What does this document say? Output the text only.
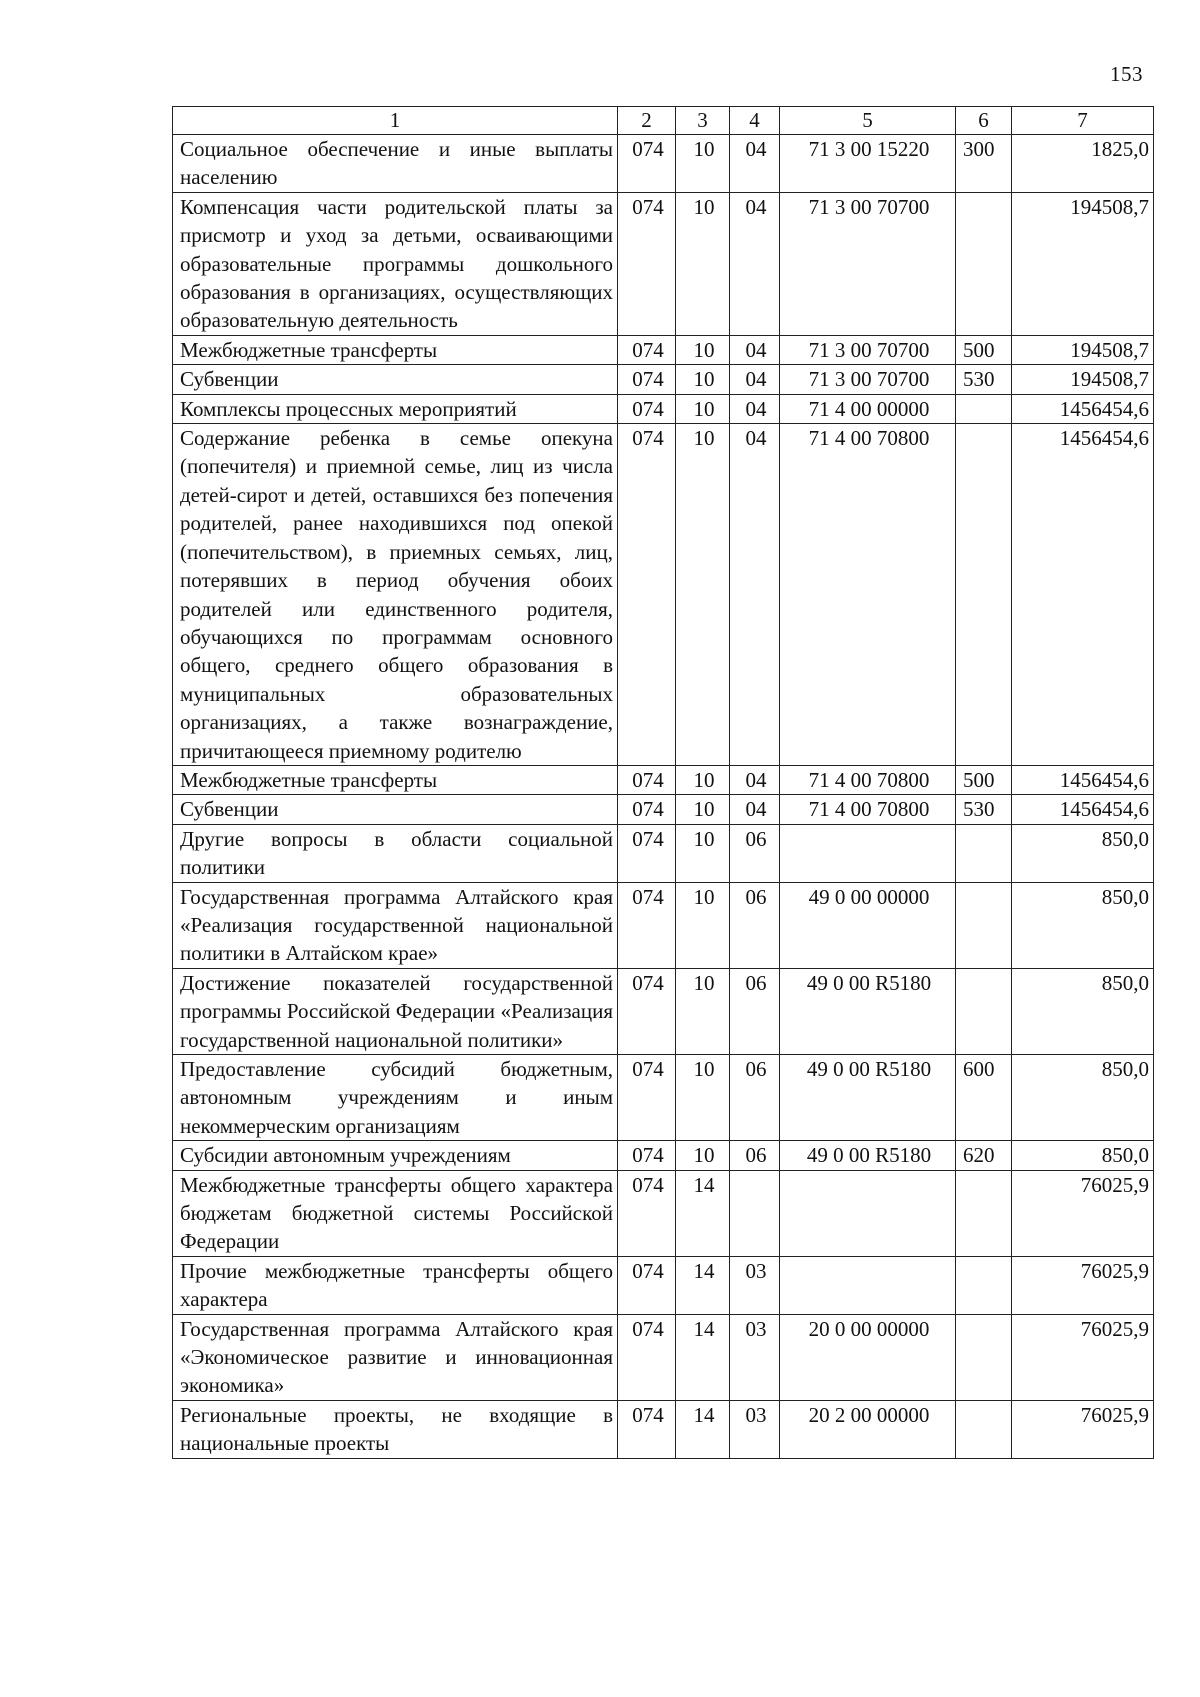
153
1	2	3	4	5	6	7
Социальное обеспечение и иные выплаты населению	074	10	04	71 3 00 15220	300	1825,0
Компенсация части родительской платы за присмотр и уход за детьми, осваивающими образовательные программы дошкольного образования в организациях, осуществляющих образовательную деятельность	074	10	04	71 3 00 70700		194508,7
Межбюджетные трансферты	074	10	04	71 3 00 70700	500	194508,7
Субвенции	074	10	04	71 3 00 70700	530	194508,7
Комплексы процессных мероприятий	074	10	04	71 4 00 00000		1456454,6
Содержание ребенка в семье опекуна (попечителя) и приемной семье, лиц из числа детей-сирот и детей, оставшихся без попечения родителей, ранее находившихся под опекой (попечительством), в приемных семьях, лиц, потерявших в период обучения обоих родителей или единственного родителя, обучающихся по программам основного общего, среднего общего образования в муниципальных образовательных организациях, а также вознаграждение, причитающееся приемному родителю	074	10	04	71 4 00 70800		1456454,6
Межбюджетные трансферты	074	10	04	71 4 00 70800	500	1456454,6
Субвенции	074	10	04	71 4 00 70800	530	1456454,6
Другие вопросы в области социальной политики	074	10	06			850,0
Государственная программа Алтайского края «Реализация государственной национальной политики в Алтайском крае»	074	10	06	49 0 00 00000		850,0
Достижение показателей государственной программы Российской Федерации «Реализация государственной национальной политики»	074	10	06	49 0 00 R5180		850,0
Предоставление субсидий бюджетным, автономным учреждениям и иным некоммерческим организациям	074	10	06	49 0 00 R5180	600	850,0
Субсидии автономным учреждениям	074	10	06	49 0 00 R5180	620	850,0
Межбюджетные трансферты общего характера бюджетам бюджетной системы Российской Федерации	074	14				76025,9
Прочие межбюджетные трансферты общего характера	074	14	03			76025,9
Государственная программа Алтайского края «Экономическое развитие и инновационная экономика»	074	14	03	20 0 00 00000		76025,9
Региональные проекты, не входящие в национальные проекты	074	14	03	20 2 00 00000		76025,9
